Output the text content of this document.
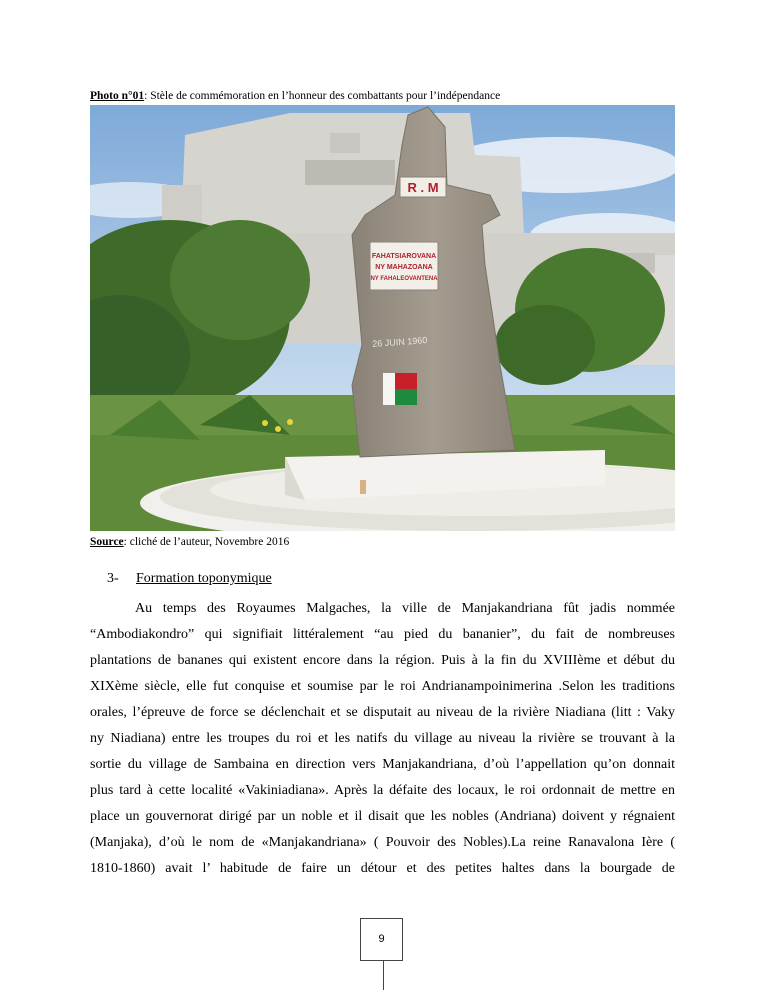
Photo n°01: Stèle de commémoration en l’honneur des combattants pour l’indépendance
R . M
FAHATSIAROVANA
NY MAHAZOANA
NY FAHALEOVANTENA
26 JUIN 1960
Source: cliché de l’auteur, Novembre 2016
3- Formation toponymique
Au temps des Royaumes Malgaches, la ville de Manjakandriana fût jadis nommée
“Ambodiakondro” qui signifiait littéralement “au pied du bananier”, du fait de nombreuses
plantations de bananes qui existent encore dans la région. Puis à la fin du XVIIIème et début du
XIXème siècle, elle fut conquise et soumise par le roi Andrianampoinimerina .Selon les traditions
orales, l’épreuve de force se déclenchait et se disputait au niveau de la rivière Niadiana (litt : Vaky
ny Niadiana) entre les troupes du roi et les natifs du village au niveau la rivière se trouvant à la
sortie du village de Sambaina en direction vers Manjakandriana, d’où l’appellation qu’on donnait
plus tard à cette localité «Vakiniadiana». Après la défaite des locaux, le roi ordonnait de mettre en
place un gouvernorat dirigé par un noble et il disait que les nobles (Andriana) doivent y régnaient
(Manjaka), d’où le nom de «Manjakandriana» ( Pouvoir des Nobles).La reine Ranavalona Ière (
1810-1860) avait l’ habitude de faire un détour et des petites haltes dans la bourgade de
9
